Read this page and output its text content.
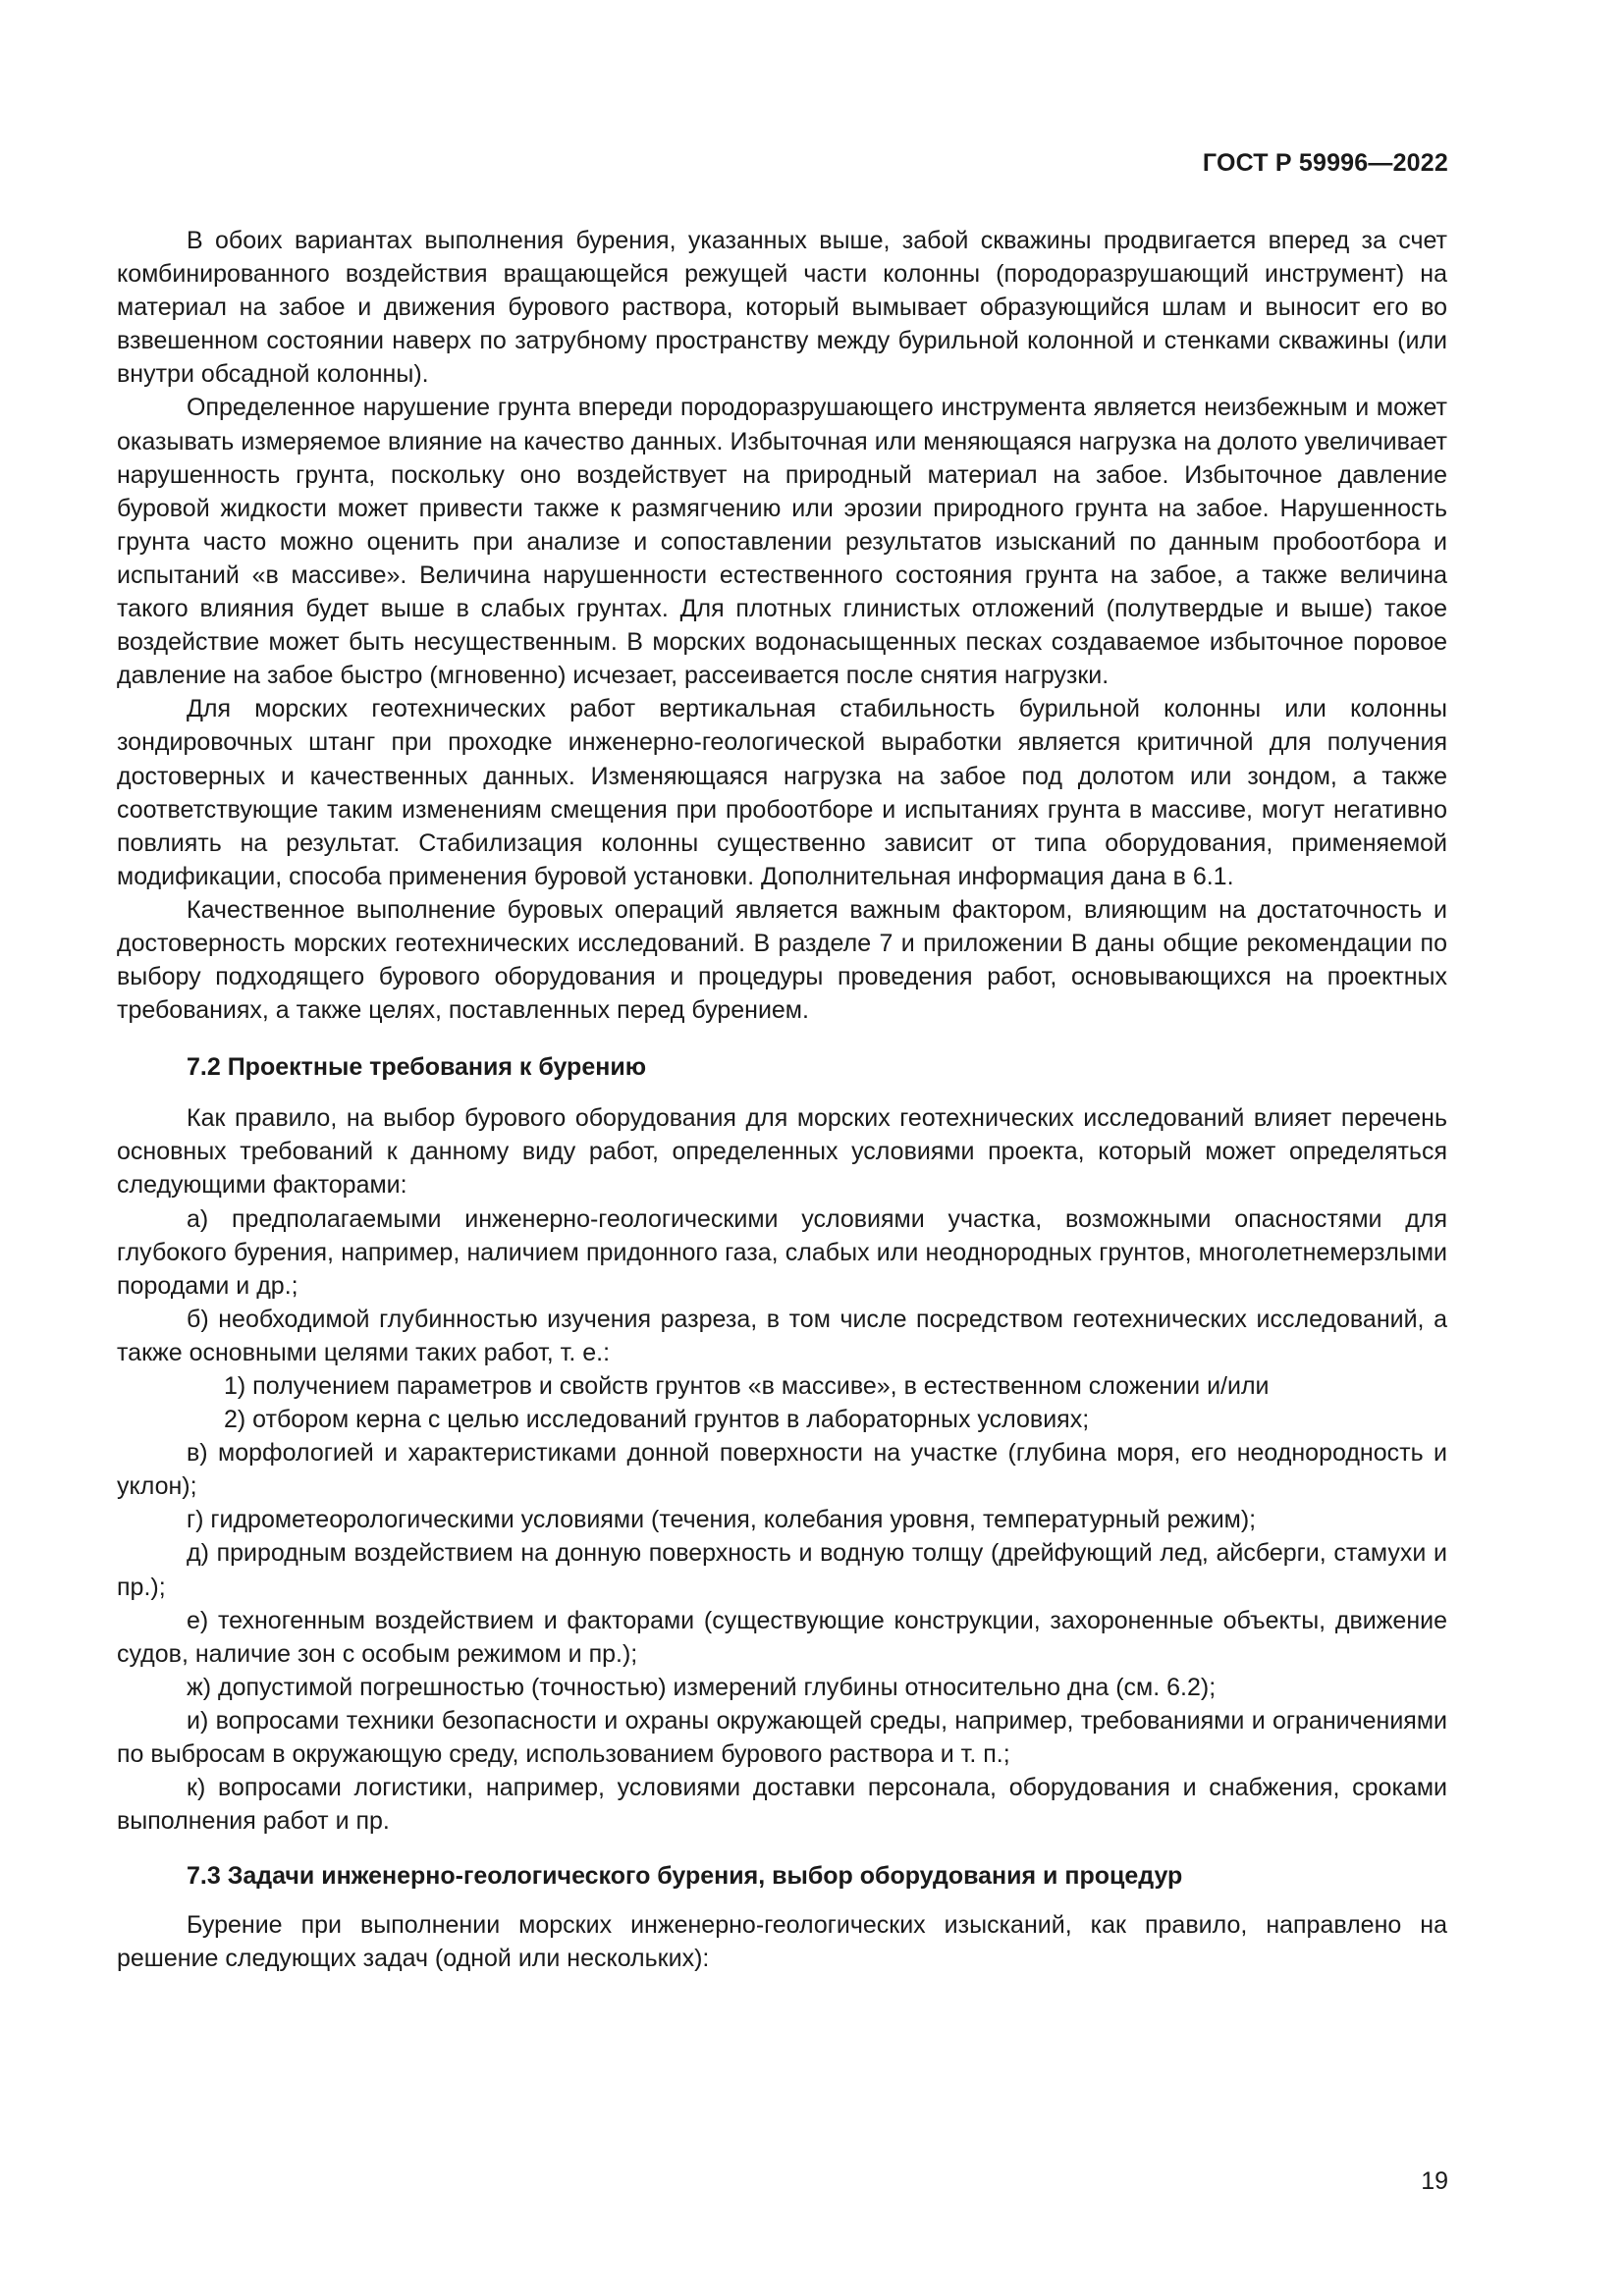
ГОСТ Р 59996—2022

В обоих вариантах выполнения бурения, указанных выше, забой скважины продвигается вперед за счет комбинированного воздействия вращающейся режущей части колонны (породоразрушающий инструмент) на материал на забое и движения бурового раствора, который вымывает образующийся шлам и выносит его во взвешенном состоянии наверх по затрубному пространству между бурильной колонной и стенками скважины (или внутри обсадной колонны).

Определенное нарушение грунта впереди породоразрушающего инструмента является неизбежным и может оказывать измеряемое влияние на качество данных. Избыточная или меняющаяся нагрузка на долото увеличивает нарушенность грунта, поскольку оно воздействует на природный материал на забое. Избыточное давление буровой жидкости может привести также к размягчению или эрозии природного грунта на забое. Нарушенность грунта часто можно оценить при анализе и сопоставлении результатов изысканий по данным пробоотбора и испытаний «в массиве». Величина нарушенности естественного состояния грунта на забое, а также величина такого влияния будет выше в слабых грунтах. Для плотных глинистых отложений (полутвердые и выше) такое воздействие может быть несущественным. В морских водонасыщенных песках создаваемое избыточное поровое давление на забое быстро (мгновенно) исчезает, рассеивается после снятия нагрузки.

Для морских геотехнических работ вертикальная стабильность бурильной колонны или колонны зондировочных штанг при проходке инженерно-геологической выработки является критичной для получения достоверных и качественных данных. Изменяющаяся нагрузка на забое под долотом или зондом, а также соответствующие таким изменениям смещения при пробоотборе и испытаниях грунта в массиве, могут негативно повлиять на результат. Стабилизация колонны существенно зависит от типа оборудования, применяемой модификации, способа применения буровой установки. Дополнительная информация дана в 6.1.

Качественное выполнение буровых операций является важным фактором, влияющим на достаточность и достоверность морских геотехнических исследований. В разделе 7 и приложении В даны общие рекомендации по выбору подходящего бурового оборудования и процедуры проведения работ, основывающихся на проектных требованиях, а также целях, поставленных перед бурением.

7.2 Проектные требования к бурению

Как правило, на выбор бурового оборудования для морских геотехнических исследований влияет перечень основных требований к данному виду работ, определенных условиями проекта, который может определяться следующими факторами:

а) предполагаемыми инженерно-геологическими условиями участка, возможными опасностями для глубокого бурения, например, наличием придонного газа, слабых или неоднородных грунтов, многолетнемерзлыми породами и др.;

б) необходимой глубинностью изучения разреза, в том числе посредством геотехнических исследований, а также основными целями таких работ, т. е.:

1) получением параметров и свойств грунтов «в массиве», в естественном сложении и/или

2) отбором керна с целью исследований грунтов в лабораторных условиях;

в) морфологией и характеристиками донной поверхности на участке (глубина моря, его неоднородность и уклон);

г) гидрометеорологическими условиями (течения, колебания уровня, температурный режим);

д) природным воздействием на донную поверхность и водную толщу (дрейфующий лед, айсберги, стамухи и пр.);

е) техногенным воздействием и факторами (существующие конструкции, захороненные объекты, движение судов, наличие зон с особым режимом и пр.);

ж) допустимой погрешностью (точностью) измерений глубины относительно дна (см. 6.2);

и) вопросами техники безопасности и охраны окружающей среды, например, требованиями и ограничениями по выбросам в окружающую среду, использованием бурового раствора и т. п.;

к) вопросами логистики, например, условиями доставки персонала, оборудования и снабжения, сроками выполнения работ и пр.

7.3 Задачи инженерно-геологического бурения, выбор оборудования и процедур

Бурение при выполнении морских инженерно-геологических изысканий, как правило, направлено на решение следующих задач (одной или нескольких):

19
